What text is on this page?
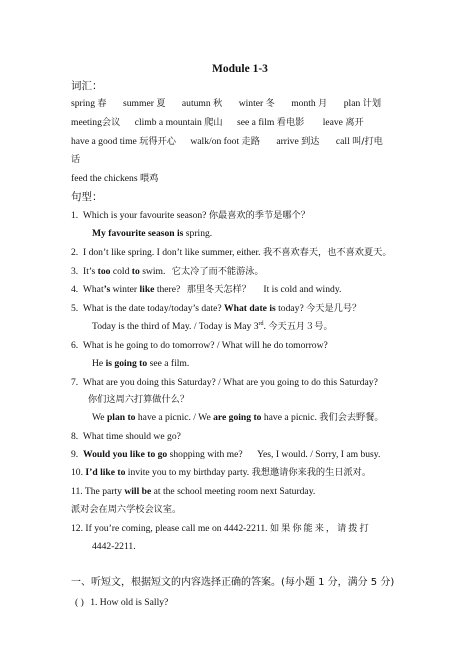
Module 1-3
词汇：
spring 春 summer 夏 autumn 秋 winter 冬 month 月 plan 计划
meeting会议 climb a mountain 爬山 see a film 看电影 leave 离开
have a good time 玩得开心 walk/on foot 走路 arrive 到达 call 叫/打电
话
feed the chickens 喂鸡
句型：
1. Which is your favourite season? 你最喜欢的季节是哪个？
My favourite season is spring.
2. I don’t like spring. I don’t like summer, either. 我不喜欢春天，也不喜欢夏天。
3. It’s too cold to swim. 它太冷了而不能游泳。
4. What’s winter like there? 那里冬天怎样？ It is cold and windy.
5. What is the date today/today’s date? What date is today? 今天是几号？
Today is the third of May. / Today is May 3rd. 今天五月３号。
6. What is he going to do tomorrow? / What will he do tomorrow?
He is going to see a film.
7. What are you doing this Saturday? / What are you going to do this Saturday?
你们这周六打算做什么？
We plan to have a picnic. / We are going to have a picnic. 我们会去野餐。
8. What time should we go?
9. Would you like to go shopping with me? Yes, I would. / Sorry, I am busy.
10. I’d like to invite you to my birthday party. 我想邀请你来我的生日派对。
11. The party will be at the school meeting room next Saturday.
派对会在周六学校会议室。
12. If you’re coming, please call me on 4442-2211. 如果你能来，请拨打
4442-2211.
一、听短文，根据短文的内容选择正确的答案。(每小题 1 分，满分 5 分)
( ) 1. How old is Sally?
